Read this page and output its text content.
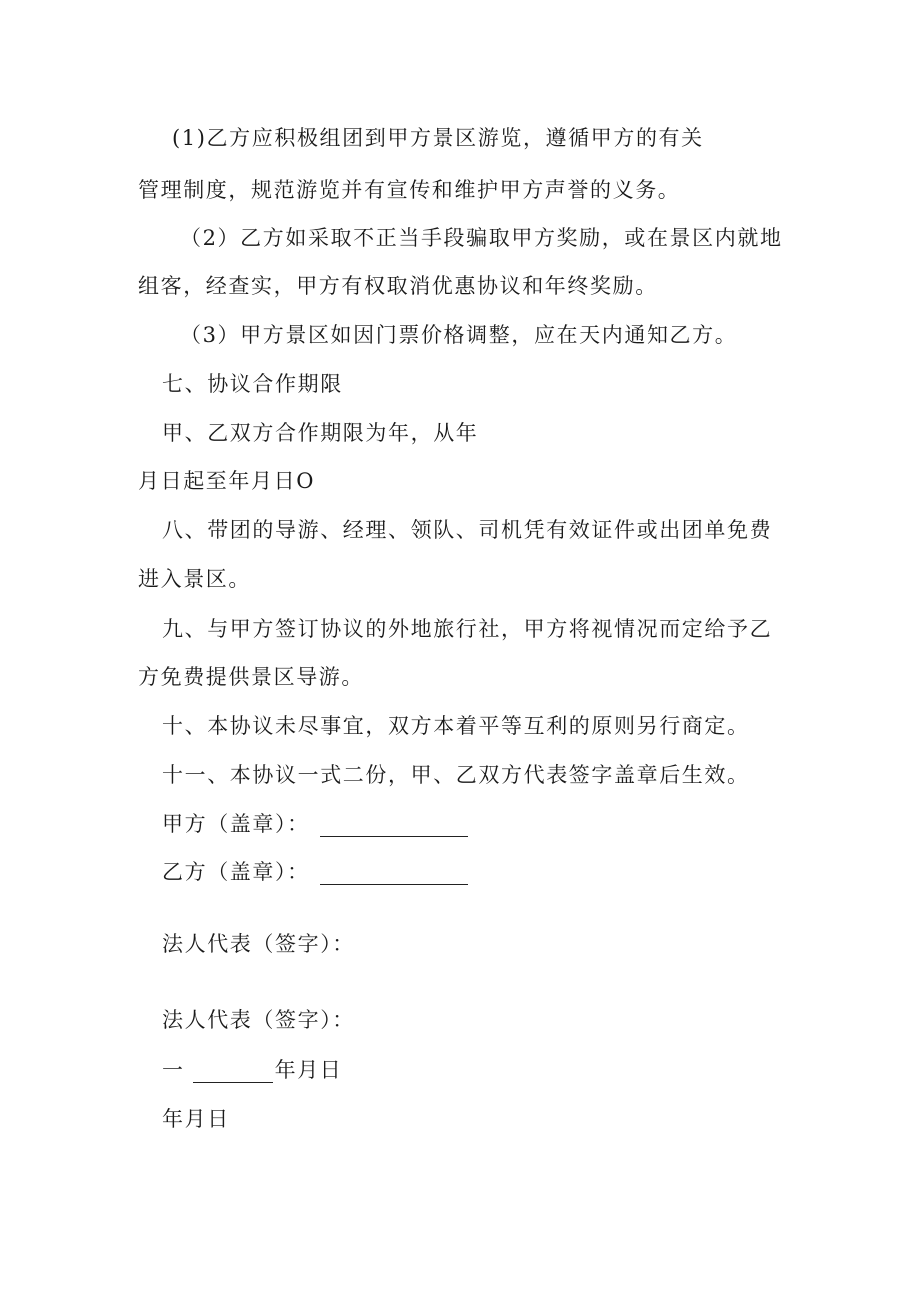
(1)乙方应积极组团到甲方景区游览，遵循甲方的有关
管理制度，规范游览并有宣传和维护甲方声誉的义务。
（2）乙方如采取不正当手段骗取甲方奖励，或在景区内就地
组客，经查实，甲方有权取消优惠协议和年终奖励。
（3）甲方景区如因门票价格调整，应在天内通知乙方。
七、协议合作期限
甲、乙双方合作期限为年，从年
月日起至年月日O
八、带团的导游、经理、领队、司机凭有效证件或出团单免费
进入景区。
九、与甲方签订协议的外地旅行社，甲方将视情况而定给予乙
方免费提供景区导游。
十、本协议未尽事宜，双方本着平等互利的原则另行商定。
十一、本协议一式二份，甲、乙双方代表签字盖章后生效。
甲方（盖章）：
乙方（盖章）：
法人代表（签字）：
法人代表（签字）：
一	年月日
年月日
